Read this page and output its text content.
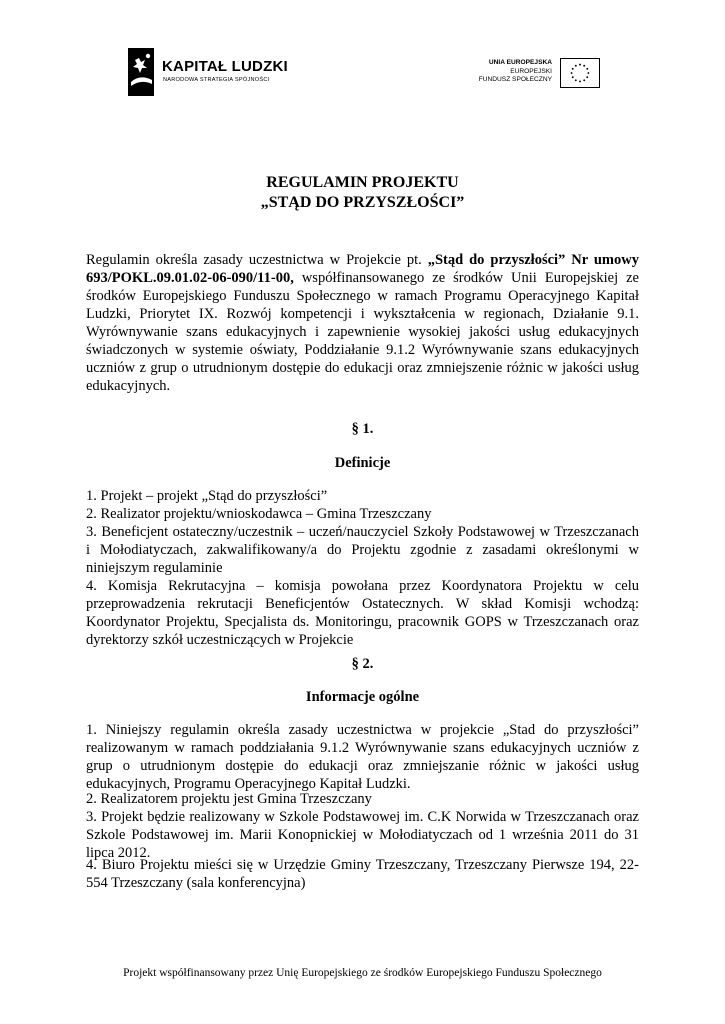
KAPITAŁ LUDZKI
NARODOWA STRATEGIA SPÓJNOŚCI
UNIA EUROPEJSKA
EUROPEJSKI
FUNDUSZ SPOŁECZNY
REGULAMIN PROJEKTU
„STĄD DO PRZYSZŁOŚCI”

Regulamin określa zasady uczestnictwa w Projekcie pt. „Stąd do przyszłości” Nr umowy 693/POKL.09.01.02-06-090/11-00, współfinansowanego ze środków Unii Europejskiej ze środków Europejskiego Funduszu Społecznego w ramach Programu Operacyjnego Kapitał Ludzki, Priorytet IX. Rozwój kompetencji i wykształcenia w regionach, Działanie 9.1. Wyrównywanie szans edukacyjnych i zapewnienie wysokiej jakości usług edukacyjnych świadczonych w systemie oświaty, Poddziałanie 9.1.2 Wyrównywanie szans edukacyjnych uczniów z grup o utrudnionym dostępie do edukacji oraz zmniejszenie różnic w jakości usług edukacyjnych.

§ 1.
Definicje

1. Projekt – projekt „Stąd do przyszłości”

2. Realizator projektu/wnioskodawca – Gmina Trzeszczany

3. Beneficjent ostateczny/uczestnik – uczeń/nauczyciel Szkoły Podstawowej w Trzeszczanach i Mołodiatyczach, zakwalifikowany/a do Projektu zgodnie z zasadami określonymi w niniejszym regulaminie

4. Komisja Rekrutacyjna – komisja powołana przez Koordynatora Projektu w celu przeprowadzenia rekrutacji Beneficjentów Ostatecznych. W skład Komisji wchodzą: Koordynator Projektu, Specjalista ds. Monitoringu, pracownik GOPS w Trzeszczanach oraz dyrektorzy szkół uczestniczących w Projekcie

§ 2.
Informacje ogólne

1. Niniejszy regulamin określa zasady uczestnictwa w projekcie „Stad do przyszłości” realizowanym w ramach poddziałania 9.1.2 Wyrównywanie szans edukacyjnych uczniów z grup o utrudnionym dostępie do edukacji oraz zmniejszanie różnic w jakości usług edukacyjnych, Programu Operacyjnego Kapitał Ludzki.

2. Realizatorem projektu jest Gmina Trzeszczany

3. Projekt będzie realizowany w Szkole Podstawowej im. C.K Norwida w Trzeszczanach oraz Szkole Podstawowej im. Marii Konopnickiej w Mołodiatyczach od 1 września 2011 do 31 lipca 2012.

4. Biuro Projektu mieści się w Urzędzie Gminy Trzeszczany, Trzeszczany Pierwsze 194, 22-554 Trzeszczany (sala konferencyjna)

Projekt współfinansowany przez Unię Europejskiego ze środków Europejskiego Funduszu Społecznego
